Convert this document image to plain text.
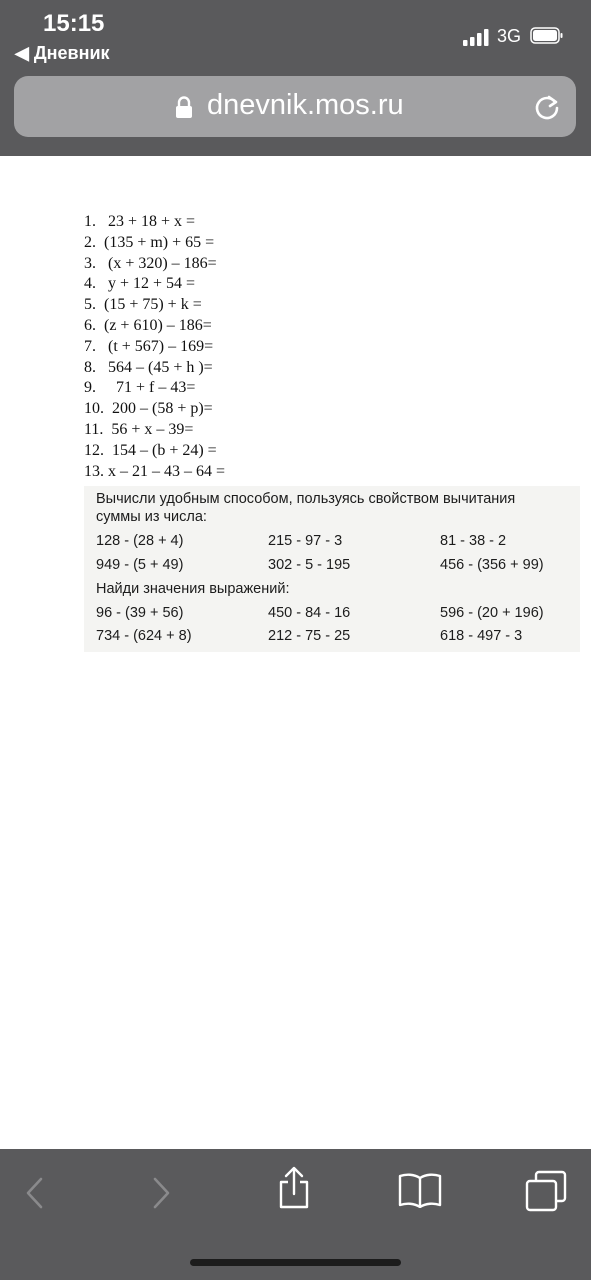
15:15
◀ Дневник
3G
dnevnik.mos.ru
1.   23 + 18 + x =
2.  (135 + m) + 65 =
3.   (x + 320) – 186=
4.   y + 12 + 54 =
5.  (15 + 75) + k =
6.  (z + 610) – 186=
7.   (t + 567) – 169=
8.   564 – (45 + h )=
9.     71 + f – 43=
10.  200 – (58 + p)=
11.  56 + x – 39=
12.  154 – (b + 24) =
13. x – 21 – 43 – 64 =
Вычисли удобным способом, пользуясь свойством вычитания
суммы из числа:
128 - (28 + 4)	215 - 97 - 3	81 - 38 - 2
949 - (5 + 49)	302 - 5 - 195	456 - (356 + 99)
Найди значения выражений:
96 - (39 + 56)	450 - 84 - 16	596 - (20 + 196)
734 - (624 + 8)	212 - 75 - 25	618 - 497 - 3
